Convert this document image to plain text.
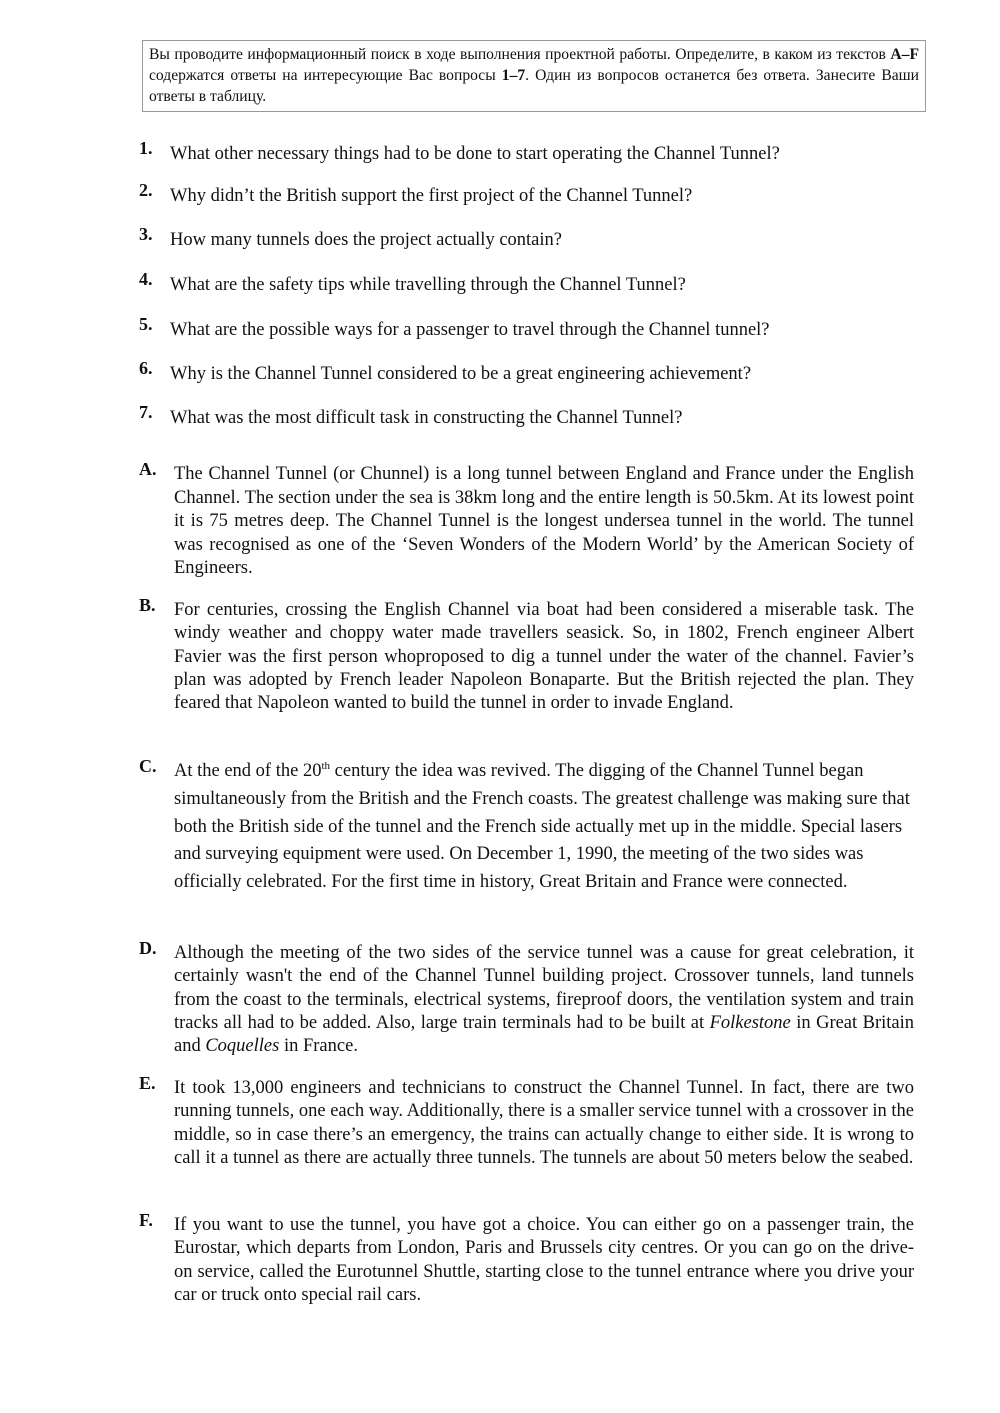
Вы проводите информационный поиск в ходе выполнения проектной работы. Определите, в каком из текстов A–F содержатся ответы на интересующие Вас вопросы 1–7. Один из вопросов останется без ответа. Занесите Ваши ответы в таблицу.
1. What other necessary things had to be done to start operating the Channel Tunnel?
2. Why didn’t the British support the first project of the Channel Tunnel?
3. How many tunnels does the project actually contain?
4. What are the safety tips while travelling through the Channel Tunnel?
5. What are the possible ways for a passenger to travel through the Channel tunnel?
6. Why is the Channel Tunnel considered to be a great engineering achievement?
7. What was the most difficult task in constructing the Channel Tunnel?
A. The Channel Tunnel (or Chunnel) is a long tunnel between England and France under the English Channel. The section under the sea is 38km long and the entire length is 50.5km. At its lowest point it is 75 metres deep. The Channel Tunnel is the longest undersea tunnel in the world. The tunnel was recognised as one of the ‘Seven Wonders of the Modern World’ by the American Society of Engineers.
B. For centuries, crossing the English Channel via boat had been considered a miserable task. The windy weather and choppy water made travellers seasick. So, in 1802, French engineer Albert Favier was the first person whoproposed to dig a tunnel under the water of the channel. Favier’s plan was adopted by French leader Napoleon Bonaparte. But the British rejected the plan. They feared that Napoleon wanted to build the tunnel in order to invade England.
C. At the end of the 20th century the idea was revived. The digging of the Channel Tunnel began simultaneously from the British and the French coasts. The greatest challenge was making sure that both the British side of the tunnel and the French side actually met up in the middle. Special lasers and surveying equipment were used. On December 1, 1990, the meeting of the two sides was officially celebrated. For the first time in history, Great Britain and France were connected.
D. Although the meeting of the two sides of the service tunnel was a cause for great celebration, it certainly wasn't the end of the Channel Tunnel building project. Crossover tunnels, land tunnels from the coast to the terminals, electrical systems, fireproof doors, the ventilation system and train tracks all had to be added. Also, large train terminals had to be built at Folkestone in Great Britain and Coquelles in France.
E. It took 13,000 engineers and technicians to construct the Channel Tunnel. In fact, there are two running tunnels, one each way. Additionally, there is a smaller service tunnel with a crossover in the middle, so in case there’s an emergency, the trains can actually change to either side. It is wrong to call it a tunnel as there are actually three tunnels. The tunnels are about 50 meters below the seabed.
F. If you want to use the tunnel, you have got a choice. You can either go on a passenger train, the Eurostar, which departs from London, Paris and Brussels city centres. Or you can go on the drive-on service, called the Eurotunnel Shuttle, starting close to the tunnel entrance where you drive your car or truck onto special rail cars.
